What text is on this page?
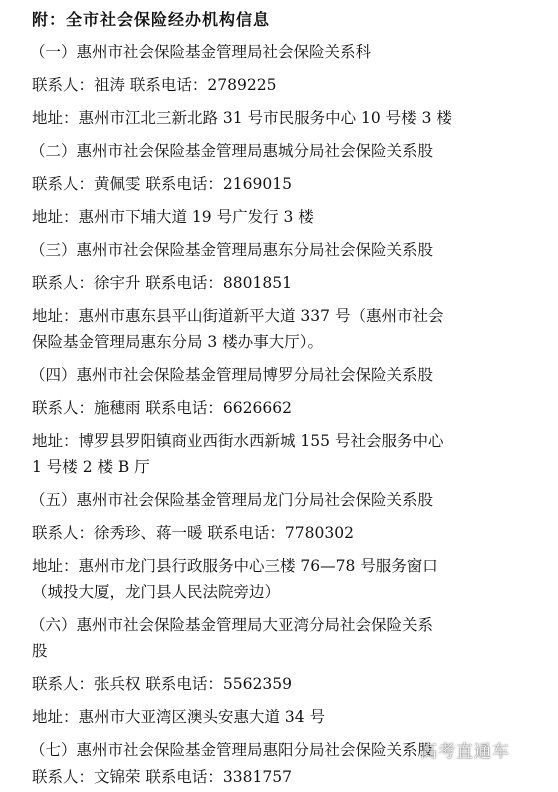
附：全市社会保险经办机构信息
（一）惠州市社会保险基金管理局社会保险关系科
联系人：祖涛 联系电话：2789225
地址：惠州市江北三新北路 31 号市民服务中心 10 号楼 3 楼
（二）惠州市社会保险基金管理局惠城分局社会保险关系股
联系人：黄佩雯 联系电话：2169015
地址：惠州市下埔大道 19 号广发行 3 楼
（三）惠州市社会保险基金管理局惠东分局社会保险关系股
联系人：徐宇升 联系电话：8801851
地址：惠州市惠东县平山街道新平大道 337 号（惠州市社会
保险基金管理局惠东分局 3 楼办事大厅）。
（四）惠州市社会保险基金管理局博罗分局社会保险关系股
联系人：施穗雨 联系电话：6626662
地址：博罗县罗阳镇商业西街水西新城 155 号社会服务中心
1 号楼 2 楼 B 厅
（五）惠州市社会保险基金管理局龙门分局社会保险关系股
联系人：徐秀珍、蒋一暖 联系电话：7780302
地址：惠州市龙门县行政服务中心三楼 76—78 号服务窗口
（城投大厦，龙门县人民法院旁边）
（六）惠州市社会保险基金管理局大亚湾分局社会保险关系
股
联系人：张兵权 联系电话：5562359
地址：惠州市大亚湾区澳头安惠大道 34 号
（七）惠州市社会保险基金管理局惠阳分局社会保险关系股
联系人：文锦荣 联系电话：3381757
高考直通车
